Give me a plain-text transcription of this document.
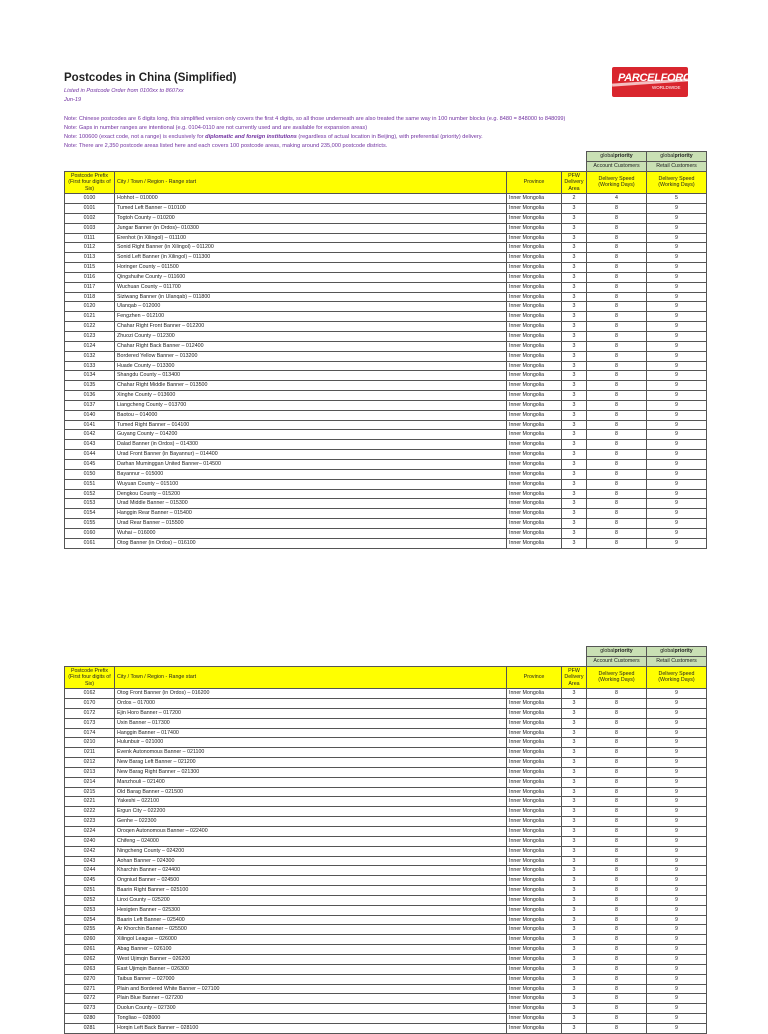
Postcodes in China (Simplified)
Listed in Postcode Order from 0100xx to 8607xx
Jun-19
Note: Chinese postcodes are 6 digits long, this simplified version only covers the first 4 digits, so all those underneath are also treated the same way in 100 number blocks (e.g. 8480 = 848000 to 848099)
Note: Gaps in number ranges are intentional (e.g. 0104-0110 are not currently used and are available for expansion areas)
Note: 100600 (exact code, not a range) is exclusively for diplomatic and foreign institutions (regardless of actual location in Beijing), with preferential (priority) delivery.
Note: There are 2,350 postcode areas listed here and each covers 100 postcode areas, making around 235,000 postcode districts.
PARCELFORCE
WORLDWIDE
				globalpriority	globalpriority
				Account Customers	Retail Customers
Postcode Prefix (First four digits of Six)	City / Town / Region - Range start	Province	PFW Delivery Area	Delivery Speed (Working Days)	Delivery Speed (Working Days)
0100	Hohhot – 010000	Inner Mongolia	2	4	5
0101	Tumed Left Banner – 010100	Inner Mongolia	3	8	9
0102	Togtoh County – 010200	Inner Mongolia	3	8	9
0103	Jungar Banner (in Ordos)– 010300	Inner Mongolia	3	8	9
0111	Erenhot (in Xilingol) – 011100	Inner Mongolia	3	8	9
0112	Sonid Right Banner (in Xilingol) – 011200	Inner Mongolia	3	8	9
0113	Sonid Left Banner (in Xilingol) – 011300	Inner Mongolia	3	8	9
0115	Horinger County – 011500	Inner Mongolia	3	8	9
0116	Qingshuihe County – 011600	Inner Mongolia	3	8	9
0117	Wuchuan County – 011700	Inner Mongolia	3	8	9
0118	Siziwang Banner (in Ulanqab) – 011800	Inner Mongolia	3	8	9
0120	Ulanqab – 012000	Inner Mongolia	3	8	9
0121	Fengzhen – 012100	Inner Mongolia	3	8	9
0122	Chahar Right Front Banner – 012200	Inner Mongolia	3	8	9
0123	Zhuozi County – 012300	Inner Mongolia	3	8	9
0124	Chahar Right Back Banner – 012400	Inner Mongolia	3	8	9
0132	Bordered Yellow Banner – 013200	Inner Mongolia	3	8	9
0133	Huade County – 013300	Inner Mongolia	3	8	9
0134	Shangdu County – 013400	Inner Mongolia	3	8	9
0135	Chahar Right Middle Banner – 013500	Inner Mongolia	3	8	9
0136	Xinghe County – 013600	Inner Mongolia	3	8	9
0137	Liangcheng County – 013700	Inner Mongolia	3	8	9
0140	Baotou – 014000	Inner Mongolia	3	8	9
0141	Tumed Right Banner – 014100	Inner Mongolia	3	8	9
0142	Guyang County – 014200	Inner Mongolia	3	8	9
0143	Dalad Banner (in Ordos) – 014300	Inner Mongolia	3	8	9
0144	Urad Front Banner (in Bayannur) – 014400	Inner Mongolia	3	8	9
0145	Darhan Muminggan United Banner– 014500	Inner Mongolia	3	8	9
0150	Bayannur – 015000	Inner Mongolia	3	8	9
0151	Wuyuan County – 015100	Inner Mongolia	3	8	9
0152	Dengkou County – 015200	Inner Mongolia	3	8	9
0153	Urad Middle Banner – 015300	Inner Mongolia	3	8	9
0154	Hanggin Rear Banner – 015400	Inner Mongolia	3	8	9
0155	Urad Rear Banner – 015500	Inner Mongolia	3	8	9
0160	Wuhai – 016000	Inner Mongolia	3	8	9
0161	Otog Banner (in Ordos) – 016100	Inner Mongolia	3	8	9
				globalpriority	globalpriority
				Account Customers	Retail Customers
Postcode Prefix (First four digits of Six)	City / Town / Region - Range start	Province	PFW Delivery Area	Delivery Speed (Working Days)	Delivery Speed (Working Days)
0162	Otog Front Banner (in Ordos) – 016200	Inner Mongolia	3	8	9
0170	Ordos – 017000	Inner Mongolia	3	8	9
0172	Ejin Horo Banner – 017200	Inner Mongolia	3	8	9
0173	Uxin Banner – 017300	Inner Mongolia	3	8	9
0174	Hanggin Banner – 017400	Inner Mongolia	3	8	9
0210	Hulunbuir – 021000	Inner Mongolia	3	8	9
0211	Evenk Autonomous Banner – 021100	Inner Mongolia	3	8	9
0212	New Barag Left Banner – 021200	Inner Mongolia	3	8	9
0213	New Barag Right Banner – 021300	Inner Mongolia	3	8	9
0214	Manzhouli – 021400	Inner Mongolia	3	8	9
0215	Old Barag Banner – 021500	Inner Mongolia	3	8	9
0221	Yakeshi – 022100	Inner Mongolia	3	8	9
0222	Ergun City – 022200	Inner Mongolia	3	8	9
0223	Genhe – 022300	Inner Mongolia	3	8	9
0224	Oroqen Autonomous Banner – 022400	Inner Mongolia	3	8	9
0240	Chifeng – 024000	Inner Mongolia	3	8	9
0242	Ningcheng County – 024200	Inner Mongolia	3	8	9
0243	Aohan Banner – 024300	Inner Mongolia	3	8	9
0244	Kharchin Banner – 024400	Inner Mongolia	3	8	9
0245	Ongniud Banner – 024500	Inner Mongolia	3	8	9
0251	Baarin Right Banner – 025100	Inner Mongolia	3	8	9
0252	Linxi County – 025200	Inner Mongolia	3	8	9
0253	Hexigten Banner – 025300	Inner Mongolia	3	8	9
0254	Baarin Left Banner – 025400	Inner Mongolia	3	8	9
0255	Ar Khorchin Banner – 025500	Inner Mongolia	3	8	9
0260	Xilingol League – 026000	Inner Mongolia	3	8	9
0261	Abag Banner – 026100	Inner Mongolia	3	8	9
0262	West Ujimqin Banner – 026200	Inner Mongolia	3	8	9
0263	East Ujimqin Banner – 026300	Inner Mongolia	3	8	9
0270	Taibus Banner – 027000	Inner Mongolia	3	8	9
0271	Plain and Bordered White Banner – 027100	Inner Mongolia	3	8	9
0272	Plain Blue Banner – 027200	Inner Mongolia	3	8	9
0273	Duolun County – 027300	Inner Mongolia	3	8	9
0280	Tongliao – 028000	Inner Mongolia	3	8	9
0281	Horqin Left Back Banner – 028100	Inner Mongolia	3	8	9
